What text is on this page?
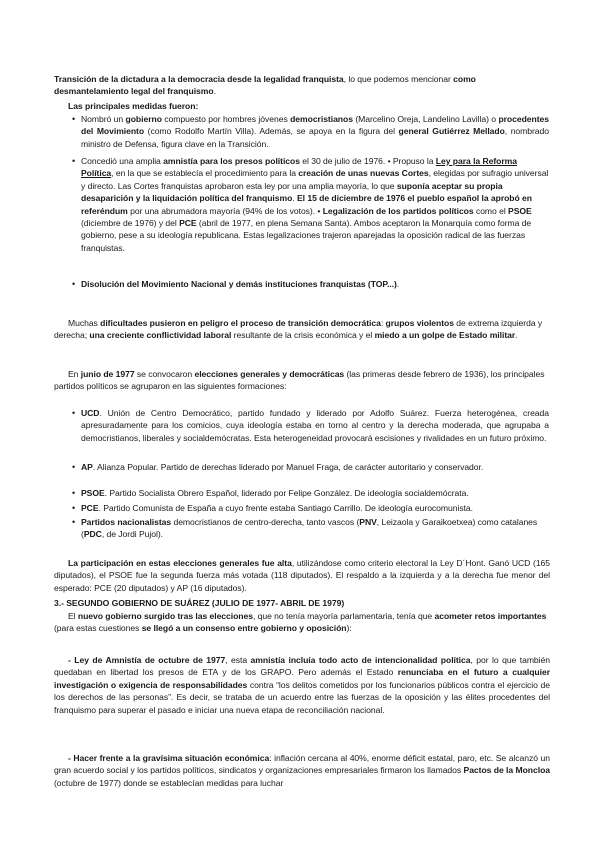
Transición de la dictadura a la democracia desde la legalidad franquista, lo que podemos mencionar como desmantelamiento legal del franquismo.
Las principales medidas fueron:
• Nombró un gobierno compuesto por hombres jóvenes democristianos (Marcelino Oreja, Landelino Lavilla) o procedentes del Movimiento (como Rodolfo Martín Villa). Además, se apoya en la figura del general Gutiérrez Mellado, nombrado ministro de Defensa, figura clave en la Transición.
• Concedió una amplia amnistía para los presos políticos el 30 de julio de 1976. • Propuso la Ley para la Reforma Política, en la que se establecía el procedimiento para la creación de unas nuevas Cortes, elegidas por sufragio universal y directo. Las Cortes franquistas aprobaron esta ley por una amplia mayoría, lo que suponía aceptar su propia desaparición y la liquidación política del franquismo. El 15 de diciembre de 1976 el pueblo español la aprobó en referéndum por una abrumadora mayoría (94% de los votos). • Legalización de los partidos políticos como el PSOE (diciembre de 1976) y del PCE (abril de 1977, en plena Semana Santa). Ambos aceptaron la Monarquía como forma de gobierno, pese a su ideología republicana. Estas legalizaciones trajeron aparejadas la oposición radical de las fuerzas franquistas.
• Disolución del Movimiento Nacional y demás instituciones franquistas (TOP...).
Muchas dificultades pusieron en peligro el proceso de transición democrática: grupos violentos de extrema izquierda y derecha; una creciente conflictividad laboral resultante de la crisis económica y el miedo a un golpe de Estado militar.
En junio de 1977 se convocaron elecciones generales y democráticas (las primeras desde febrero de 1936), los principales partidos políticos se agruparon en las siguientes formaciones:
• UCD. Unión de Centro Democrático, partido fundado y liderado por Adolfo Suárez. Fuerza heterogénea, creada apresuradamente para los comicios, cuya ideología estaba en torno al centro y la derecha moderada, que agrupaba a democristianos, liberales y socialdemócratas. Esta heterogeneidad provocará escisiones y rivalidades en un futuro próximo.
• AP. Alianza Popular. Partido de derechas liderado por Manuel Fraga, de carácter autoritario y conservador.
• PSOE. Partido Socialista Obrero Español, liderado por Felipe González. De ideología socialdemócrata.
• PCE. Partido Comunista de España a cuyo frente estaba Santiago Carrillo. De ideología eurocomunista.
• Partidos nacionalistas democristianos de centro-derecha, tanto vascos (PNV, Leizaola y Garaikoetxea) como catalanes (PDC, de Jordi Pujol).
La participación en estas elecciones generales fue alta, utilizándose como criterio electoral la Ley D´Hont. Ganó UCD (165 diputados), el PSOE fue la segunda fuerza más votada (118 diputados). El respaldo a la izquierda y a la derecha fue menor del esperado: PCE (20 diputados) y AP (16 diputados).
3.- SEGUNDO GOBIERNO DE SUÁREZ (JULIO DE 1977- ABRIL DE 1979)
El nuevo gobierno surgido tras las elecciones, que no tenía mayoría parlamentaria, tenía que acometer retos importantes (para estas cuestiones se llegó a un consenso entre gobierno y oposición):
- Ley de Amnistía de octubre de 1977, esta amnistía incluía todo acto de intencionalidad política, por lo que también quedaban en libertad los presos de ETA y de los GRAPO. Pero además el Estado renunciaba en el futuro a cualquier investigación o exigencia de responsabilidades contra “los delitos cometidos por los funcionarios públicos contra el ejercicio de los derechos de las personas”. Es decir, se trataba de un acuerdo entre las fuerzas de la oposición y las élites procedentes del franquismo para superar el pasado e iniciar una nueva etapa de reconciliación nacional.
- Hacer frente a la gravísima situación económica: inflación cercana al 40%, enorme déficit estatal, paro, etc. Se alcanzó un gran acuerdo social y los partidos políticos, sindicatos y organizaciones empresariales firmaron los llamados Pactos de la Moncloa (octubre de 1977) donde se establecían medidas para luchar
